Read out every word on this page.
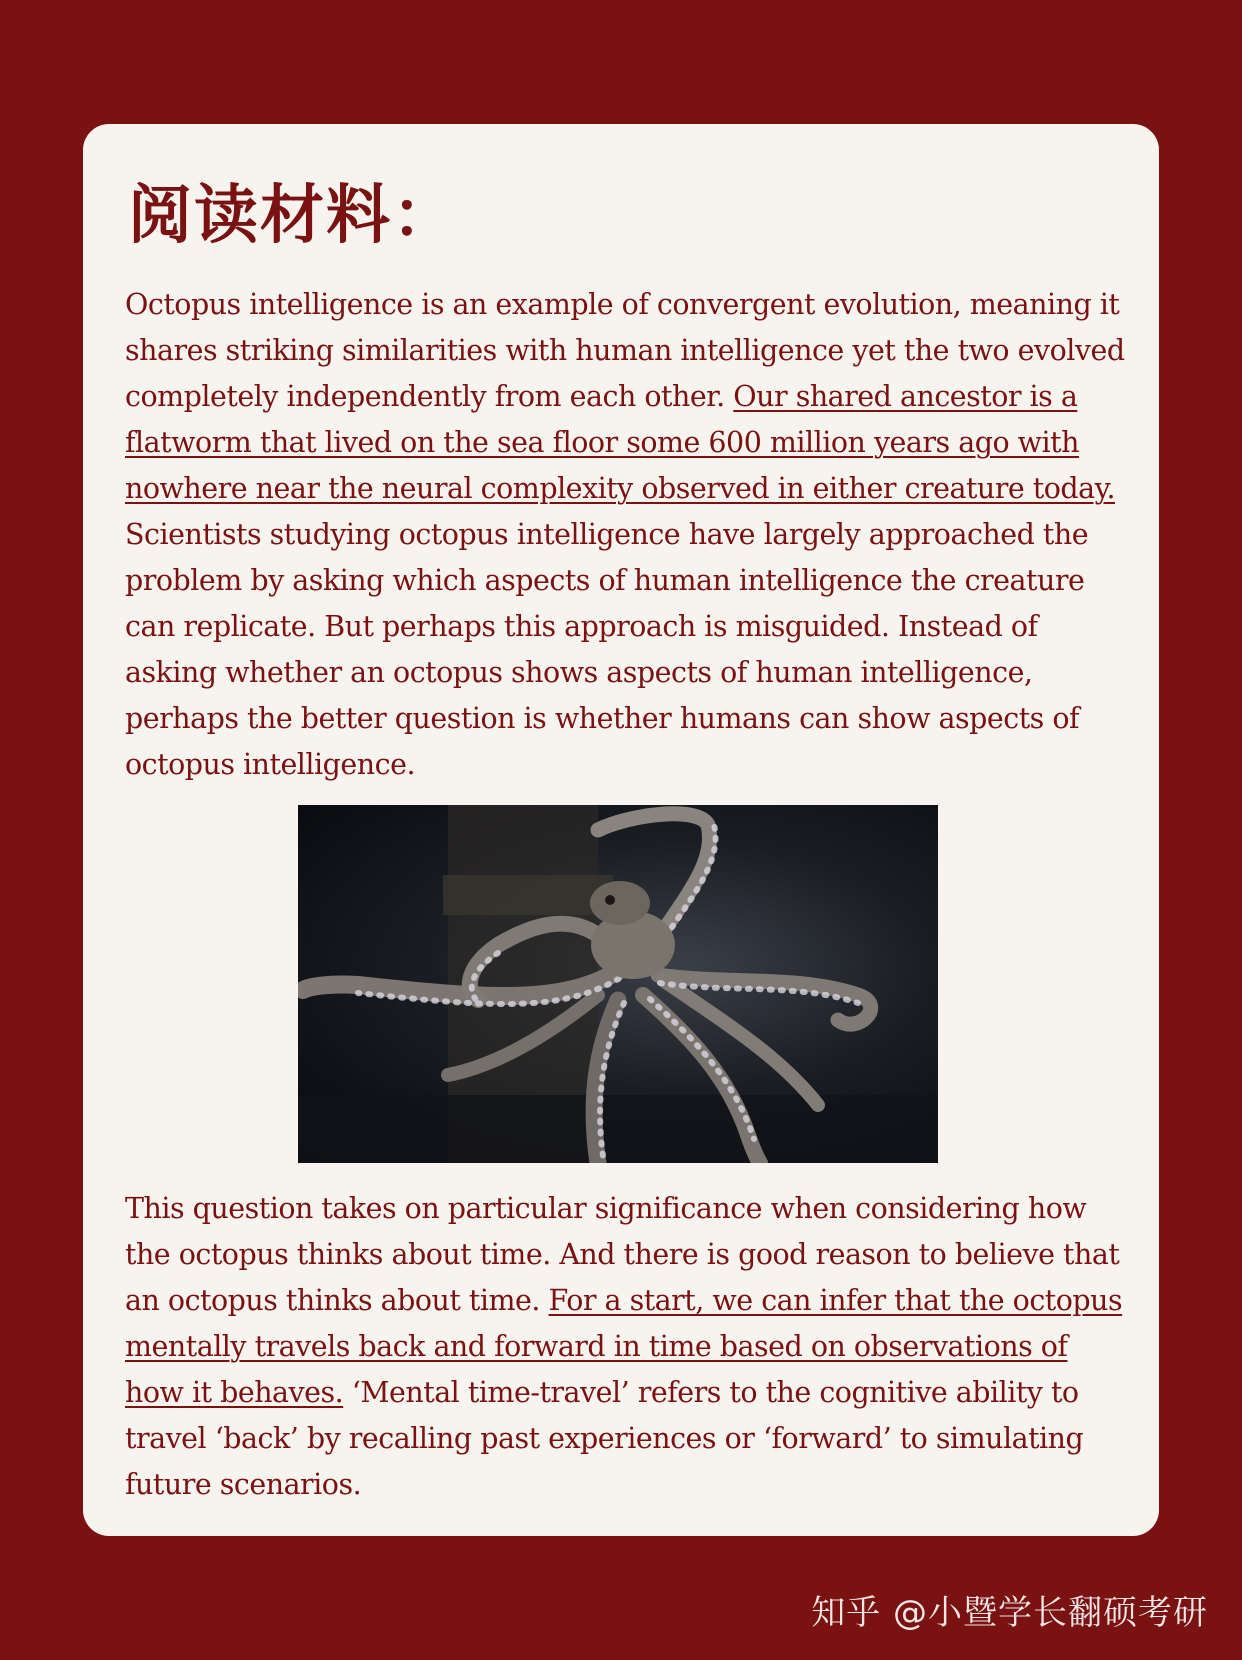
阅读材料：

Octopus intelligence is an example of convergent evolution, meaning it shares striking similarities with human intelligence yet the two evolved completely independently from each other. Our shared ancestor is a flatworm that lived on the sea floor some 600 million years ago with nowhere near the neural complexity observed in either creature today. Scientists studying octopus intelligence have largely approached the problem by asking which aspects of human intelligence the creature can replicate. But perhaps this approach is misguided. Instead of asking whether an octopus shows aspects of human intelligence, perhaps the better question is whether humans can show aspects of octopus intelligence.

This question takes on particular significance when considering how the octopus thinks about time. And there is good reason to believe that an octopus thinks about time. For a start, we can infer that the octopus mentally travels back and forward in time based on observations of how it behaves. ‘Mental time-travel’ refers to the cognitive ability to travel ‘back’ by recalling past experiences or ‘forward’ to simulating future scenarios.

知乎 @小暨学长翻硕考研
